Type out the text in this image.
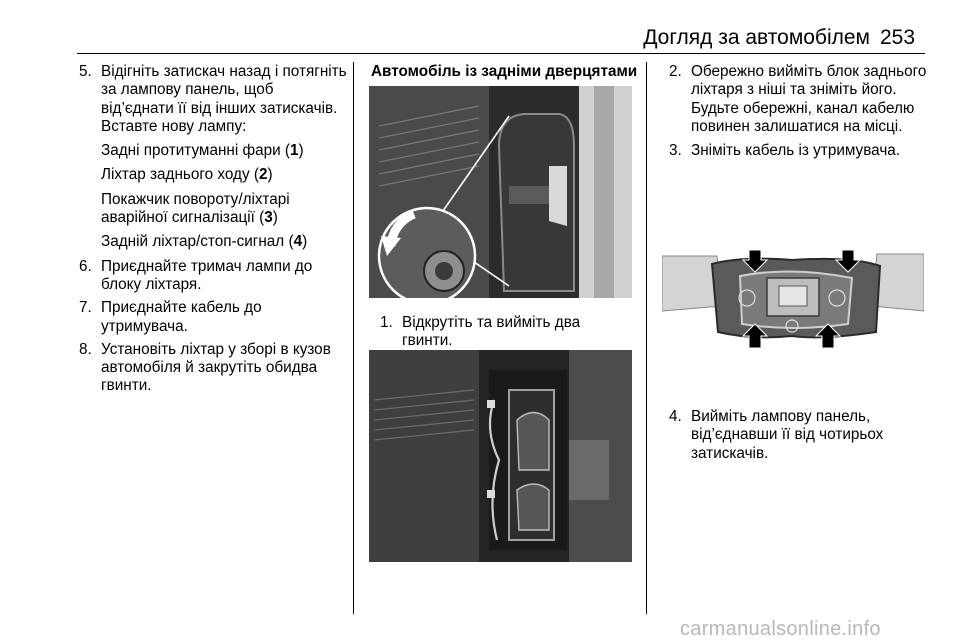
Догляд за автомобілем 253
5. Відігніть затискач назад і потягніть за лампову панель, щоб від’єднати її від інших затискачів. Вставте нову лампу:
Задні протитуманні фари (1)
Ліхтар заднього ходу (2)
Покажчик повороту/ліхтарі аварійної сигналізації (3)
Задній ліхтар/стоп-сигнал (4)
6. Приєднайте тримач лампи до блоку ліхтаря.
7. Приєднайте кабель до утримувача.
8. Установіть ліхтар у зборі в кузов автомобіля й закрутіть обидва гвинти.
Автомобіль із задніми дверцятами
1. Відкрутіть та вийміть два гвинти.
2. Обережно вийміть блок заднього ліхтаря з ніші та зніміть його. Будьте обережні, канал кабелю повинен залишатися на місці.
3. Зніміть кабель із утримувача.
4. Вийміть лампову панель, від’єднавши її від чотирьох затискачів.
carmanualsonline.info
